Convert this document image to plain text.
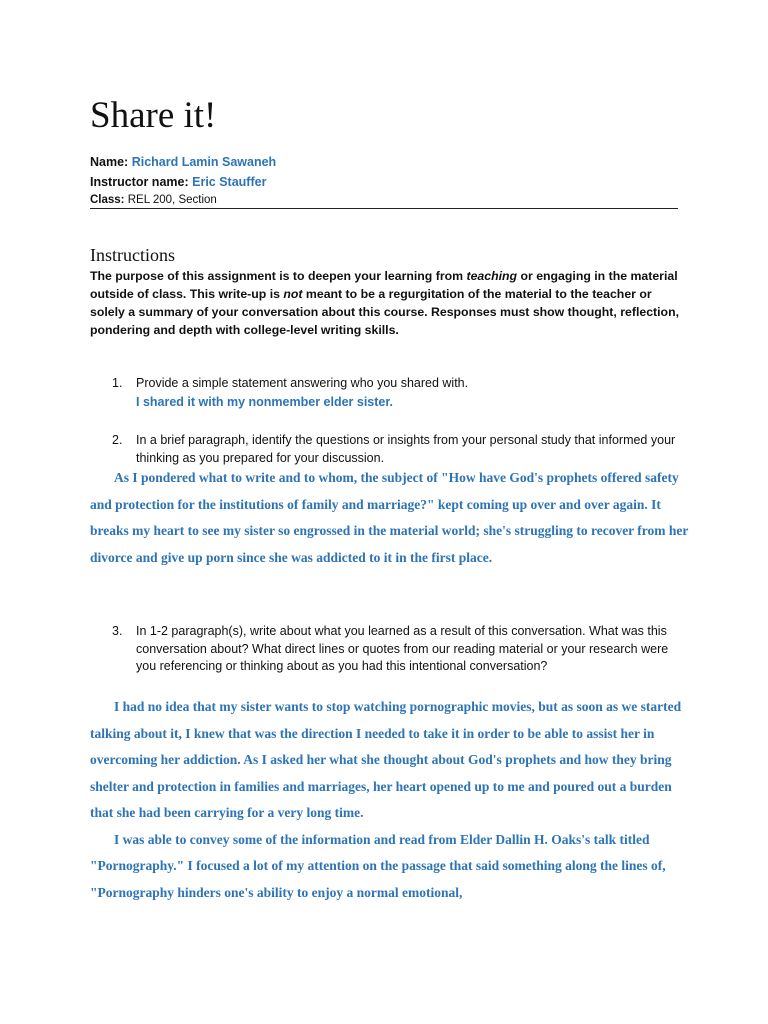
Share it!
Name: Richard Lamin Sawaneh
Instructor name: Eric Stauffer
Class: REL 200, Section
Instructions
The purpose of this assignment is to deepen your learning from teaching or engaging in the material outside of class. This write-up is not meant to be a regurgitation of the material to the teacher or solely a summary of your conversation about this course. Responses must show thought, reflection, pondering and depth with college-level writing skills.
1. Provide a simple statement answering who you shared with.
I shared it with my nonmember elder sister.
2. In a brief paragraph, identify the questions or insights from your personal study that informed your thinking as you prepared for your discussion.

As I pondered what to write and to whom, the subject of "How have God's prophets offered safety and protection for the institutions of family and marriage?" kept coming up over and over again. It breaks my heart to see my sister so engrossed in the material world; she's struggling to recover from her divorce and give up porn since she was addicted to it in the first place.

3. In 1-2 paragraph(s), write about what you learned as a result of this conversation. What was this conversation about? What direct lines or quotes from our reading material or your research were you referencing or thinking about as you had this intentional conversation?

I had no idea that my sister wants to stop watching pornographic movies, but as soon as we started talking about it, I knew that was the direction I needed to take it in order to be able to assist her in overcoming her addiction. As I asked her what she thought about God's prophets and how they bring shelter and protection in families and marriages, her heart opened up to me and poured out a burden that she had been carrying for a very long time.

I was able to convey some of the information and read from Elder Dallin H. Oaks's talk titled "Pornography." I focused a lot of my attention on the passage that said something along the lines of, "Pornography hinders one's ability to enjoy a normal emotional,
